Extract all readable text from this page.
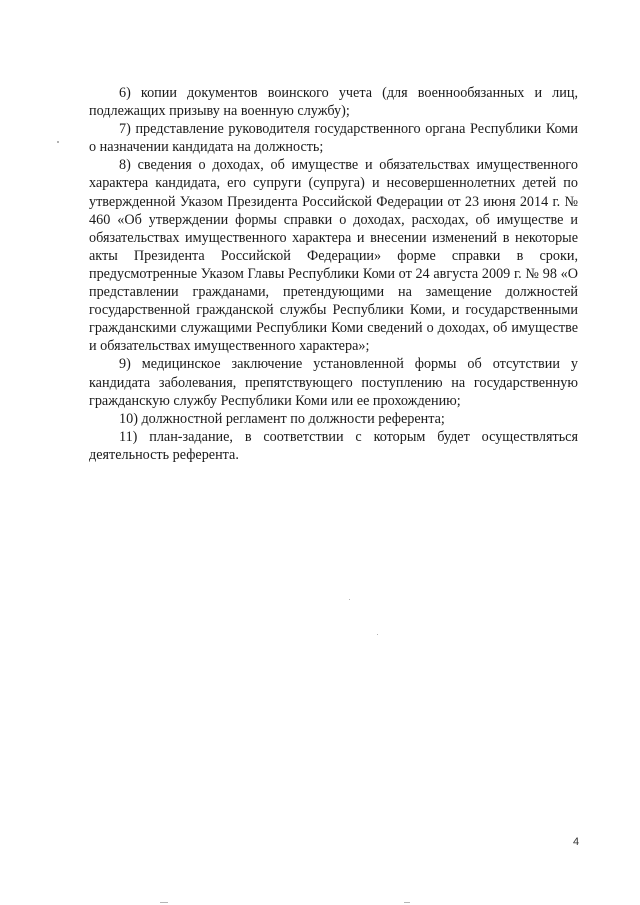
6) копии документов воинского учета (для военнообязанных и лиц, подлежащих призыву на военную службу);

7) представление руководителя государственного органа Республики Коми о назначении кандидата на должность;

8) сведения о доходах, об имуществе и обязательствах имущественного характера кандидата, его супруги (супруга) и несовершеннолетних детей по утвержденной Указом Президента Российской Федерации от 23 июня 2014 г. № 460 «Об утверждении формы справки о доходах, расходах, об имуществе и обязательствах имущественного характера и внесении изменений в некоторые акты Президента Российской Федерации» форме справки в сроки, предусмотренные Указом Главы Республики Коми от 24 августа 2009 г. № 98 «О представлении гражданами, претендующими на замещение должностей государственной гражданской службы Республики Коми, и государственными гражданскими служащими Республики Коми сведений о доходах, об имуществе и обязательствах имущественного характера»;

9) медицинское заключение установленной формы об отсутствии у кандидата заболевания, препятствующего поступлению на государственную гражданскую службу Республики Коми или ее прохождению;

10) должностной регламент по должности референта;

11) план-задание, в соответствии с которым будет осуществляться деятельность референта.

4
